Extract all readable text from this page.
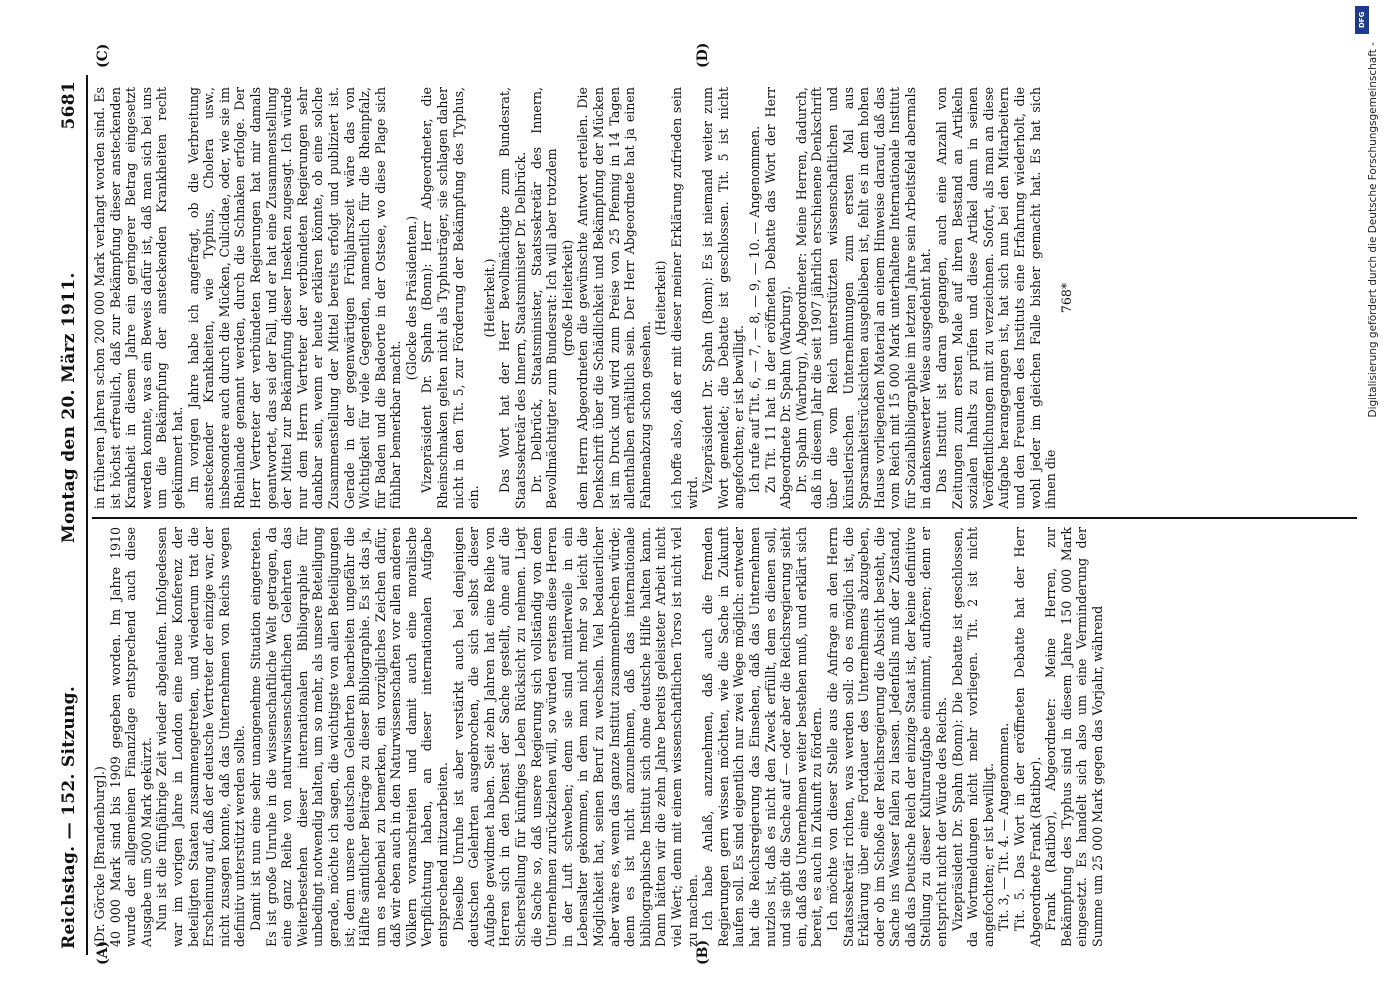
Reichstag. — 152. Sitzung.
Montag den 20. März 1911.
5681

(Dr. Görcke [Brandenburg].) 40 000 Mark sind bis 1909 gegeben worden. Im Jahre 1910 wurde der allgemeinen Finanzlage entsprechend auch diese Ausgabe um 5000 Mark gekürzt. Nun ist die fünfjährige Zeit wieder abgelaufen. Infolgedessen war im vorigen Jahre in London eine neue Konferenz der beteiligten Staaten zusammengetreten, und wiederum trat die Erscheinung auf, daß der deutsche Vertreter der einzige war, der nicht zusagen konnte, daß das Unternehmen von Reichs wegen definitiv unterstützt werden sollte. Damit ist nun eine sehr unangenehme Situation eingetreten. Es ist große Unruhe in die wissenschaftliche Welt getragen, da eine ganz Reihe von naturwissenschaftlichen Gelehrten das Weiterbestehen dieser internationalen Bibliographie für unbedingt notwendig halten, um so mehr, als unsere Beteiligung gerade, möchte ich sagen, die wichtigste von allen Beteiligungen ist; denn unsere deutschen Gelehrten bearbeiten ungefähr die Hälfte sämtlicher Beiträge zu dieser Bibliographie. Es ist das ja, um es nebenbei zu bemerken, ein vorzügliches Zeichen dafür, daß wir eben auch in den Naturwissenschaften vor allen anderen Völkern voranschreiten und damit auch eine moralische Verpflichtung haben, an dieser internationalen Aufgabe entsprechend mitzuarbeiten. Dieselbe Unruhe ist aber verstärkt auch bei denjenigen deutschen Gelehrten ausgebrochen, die sich selbst dieser Aufgabe gewidmet haben. Seit zehn Jahren hat eine Reihe von Herren sich in den Dienst der Sache gestellt, ohne auf die Sicherstellung für künftiges Leben Rücksicht zu nehmen. Liegt die Sache so, daß unsere Regierung sich vollständig von dem Unternehmen zurückziehen will, so würden erstens diese Herren in der Luft schweben; denn sie sind mittlerweile in ein Lebensalter gekommen, in dem man nicht mehr so leicht die Möglichkeit hat, seinen Beruf zu wechseln. Viel bedauerlicher aber wäre es, wenn das ganze Institut zusammenbrechen würde; denn es ist nicht anzunehmen, daß das internationale bibliographische Institut sich ohne deutsche Hilfe halten kann. Dann hätten wir die zehn Jahre bereits geleisteter Arbeit nicht viel Wert; denn mit einem wissenschaftlichen Torso ist nicht viel zu machen. Ich habe Anlaß, anzunehmen, daß auch die fremden Regierungen gern wissen möchten, wie die Sache in Zukunft laufen soll. Es sind eigentlich nur zwei Wege möglich: entweder hat die Reichsregierung das Einsehen, daß das Unternehmen nutzlos ist, daß es nicht den Zweck erfüllt, dem es dienen soll, und sie gibt die Sache auf — oder aber die Reichsregierung sieht ein, daß das Unternehmen weiter bestehen muß, und erklärt sich bereit, es auch in Zukunft zu fördern. Ich möchte von dieser Stelle aus die Anfrage an den Herrn Staatssekretär richten, was werden soll: ob es möglich ist, die Erklärung über eine Fortdauer des Unternehmens abzugeben, oder ob im Schoße der Reichsregierung die Absicht besteht, die Sache ins Wasser fallen zu lassen. Jedenfalls muß der Zustand, daß das Deutsche Reich der einzige Staat ist, der keine definitive Stellung zu dieser Kulturaufgabe einnimmt, aufhören; denn er entspricht nicht der Würde des Reichs. Vizepräsident Dr. Spahn (Bonn): Die Debatte ist geschlossen, da Wortmeldungen nicht mehr vorliegen. Tit. 2 ist nicht angefochten; er ist bewilligt. Tit. 3, — Tit. 4. — Angenommen. Tit. 5. Das Wort in der eröffneten Debatte hat der Herr Abgeordnete Frank (Ratibor). Frank (Ratibor), Abgeordneter: Meine Herren, zur Bekämpfung des Typhus sind in diesem Jahre 150 000 Mark eingesetzt. Es handelt sich also um eine Verminderung der Summe um 25 000 Mark gegen das Vorjahr, während

in früheren Jahren schon 200 000 Mark verlangt worden sind. Es ist höchst erfreulich, daß zur Bekämpfung dieser ansteckenden Krankheit in diesem Jahre ein geringerer Betrag eingesetzt werden konnte, was ein Beweis dafür ist, daß man sich bei uns um die Bekämpfung der ansteckenden Krankheiten recht gekümmert hat. Im vorigen Jahre habe ich angefragt, ob die Verbreitung ansteckender Krankheiten, wie Typhus, Cholera usw., insbesondere auch durch die Mücken, Culicidae, oder, wie sie im Rheinlande genannt werden, durch die Schnaken erfolge. Der Herr Vertreter der verbündeten Regierungen hat mir damals geantwortet, das sei der Fall, und er hat eine Zusammenstellung der Mittel zur Bekämpfung dieser Insekten zugesagt. Ich würde nur dem Herrn Vertreter der verbündeten Regierungen sehr dankbar sein, wenn er heute erklären könnte, ob eine solche Zusammenstellung der Mittel bereits erfolgt und publiziert ist. Gerade in der gegenwärtigen Frühjahrszeit wäre das von Wichtigkeit für viele Gegenden, namentlich für die Rheinpfalz, für Baden und die Badeorte in der Ostsee, wo diese Plage sich fühlbar bemerkbar macht.

(Glocke des Präsidenten.) Vizepräsident Dr. Spahn (Bonn): Herr Abgeordneter, die Rheinschnaken gelten nicht als Typhusträger, sie schlagen daher nicht in den Tit. 5, zur Förderung der Bekämpfung des Typhus, ein.

(Heiterkeit.) Das Wort hat der Herr Bevollmächtigte zum Bundesrat, Staatssekretär des Innern, Staatsminister Dr. Delbrück. Dr. Delbrück, Staatsminister, Staatssekretär des Innern, Bevollmächtigter zum Bundesrat: Ich will aber trotzdem (große Heiterkeit) dem Herrn Abgeordneten die gewünschte Antwort erteilen. Die Denkschrift über die Schädlichkeit und Bekämpfung der Mücken ist im Druck und wird zum Preise von 25 Pfennig in 14 Tagen allenthalben erhältlich sein. Der Herr Abgeordnete hat ja einen Fahnenabzug schon gesehen.

(Heiterkeit) ich hoffe also, daß er mit dieser meiner Erklärung zufrieden sein wird. Vizepräsident Dr. Spahn (Bonn): Es ist niemand weiter zum Wort gemeldet; die Debatte ist geschlossen. Tit. 5 ist nicht angefochten; er ist bewilligt. Ich rufe auf Tit. 6, — 7, — 8, — 9, — 10. — Angenommen. Zu Tit. 11 hat in der eröffneten Debatte das Wort der Herr Abgeordnete Dr. Spahn (Warburg). Dr. Spahn (Warburg), Abgeordneter: Meine Herren, dadurch, daß in diesem Jahr die seit 1907 jährlich erschienene Denkschrift über die vom Reich unterstützten wissenschaftlichen und künstlerischen Unternehmungen zum ersten Mal aus Sparsamkeitsrücksichten ausgeblieben ist, fehlt es in dem hohen Hause vorliegenden Material an einem Hinweise darauf, daß das vom Reich mit 15 000 Mark unterhaltene Internationale Institut für Sozialbibliographie im letzten Jahre sein Arbeitsfeld abermals in dankenswerter Weise ausgedehnt hat. Das Institut ist daran gegangen, auch eine Anzahl von Zeitungen zum ersten Male auf ihren Bestand an Artikeln sozialen Inhalts zu prüfen und diese Artikel dann in seinen Veröffentlichungen mit zu verzeichnen. Sofort, als man an diese Aufgabe herangegangen ist, hat sich nun bei den Mitarbeitern und den Freunden des Instituts eine Erfahrung wiederholt, die wohl jeder im gleichen Falle bisher gemacht hat. Es hat sich ihnen die

768*

(A)	(B)
(C)	(D)
DFG
Digitalisierung gefördert durch die Deutsche Forschungsgemeinschaft -
